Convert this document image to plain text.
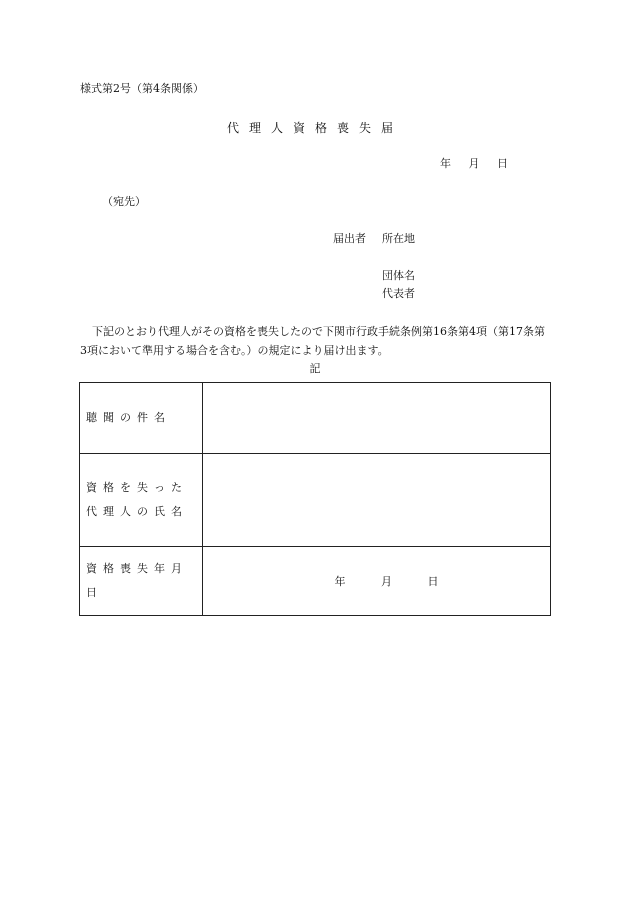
様式第2号（第4条関係）
代理人資格喪失届
年 月 日
（宛先）
届出者 所在地
団体名
代表者
下記のとおり代理人がその資格を喪失したので下関市行政手続条例第16条第4項（第17条第3項において準用する場合を含む。）の規定により届け出ます。
記
聴聞の件名	

資格を失った
代理人の氏名	

資格喪失年月日	年 月 日
